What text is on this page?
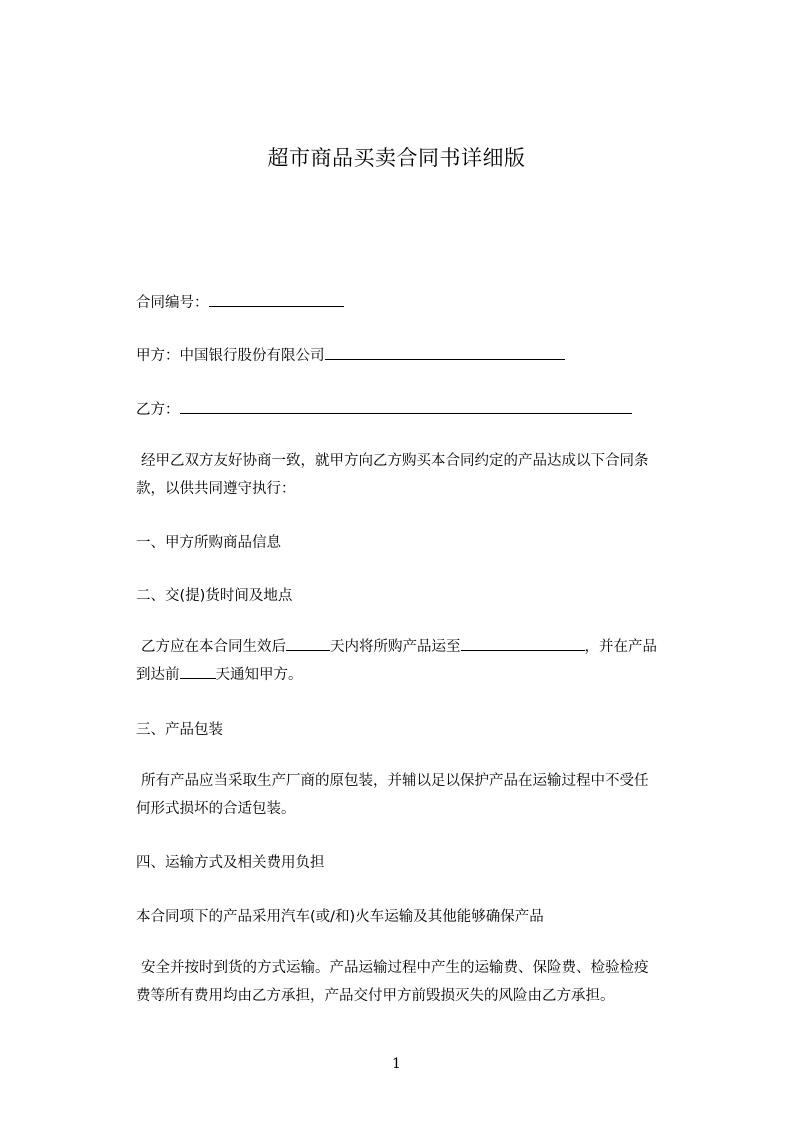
超市商品买卖合同书详细版
合同编号：
甲方：中国银行股份有限公司
乙方：
经甲乙双方友好协商一致，就甲方向乙方购买本合同约定的产品达成以下合同条
款，以供共同遵守执行：
一、甲方所购商品信息
二、交(提)货时间及地点
乙方应在本合同生效后	天内将所购产品运至	，并在产品
到达前 天通知甲方。
三、产品包装
所有产品应当采取生产厂商的原包装，并辅以足以保护产品在运输过程中不受任
何形式损坏的合适包装。
四、运输方式及相关费用负担
本合同项下的产品采用汽车(或/和)火车运输及其他能够确保产品
安全并按时到货的方式运输。产品运输过程中产生的运输费、保险费、检验检疫
费等所有费用均由乙方承担，产品交付甲方前毁损灭失的风险由乙方承担。
1
